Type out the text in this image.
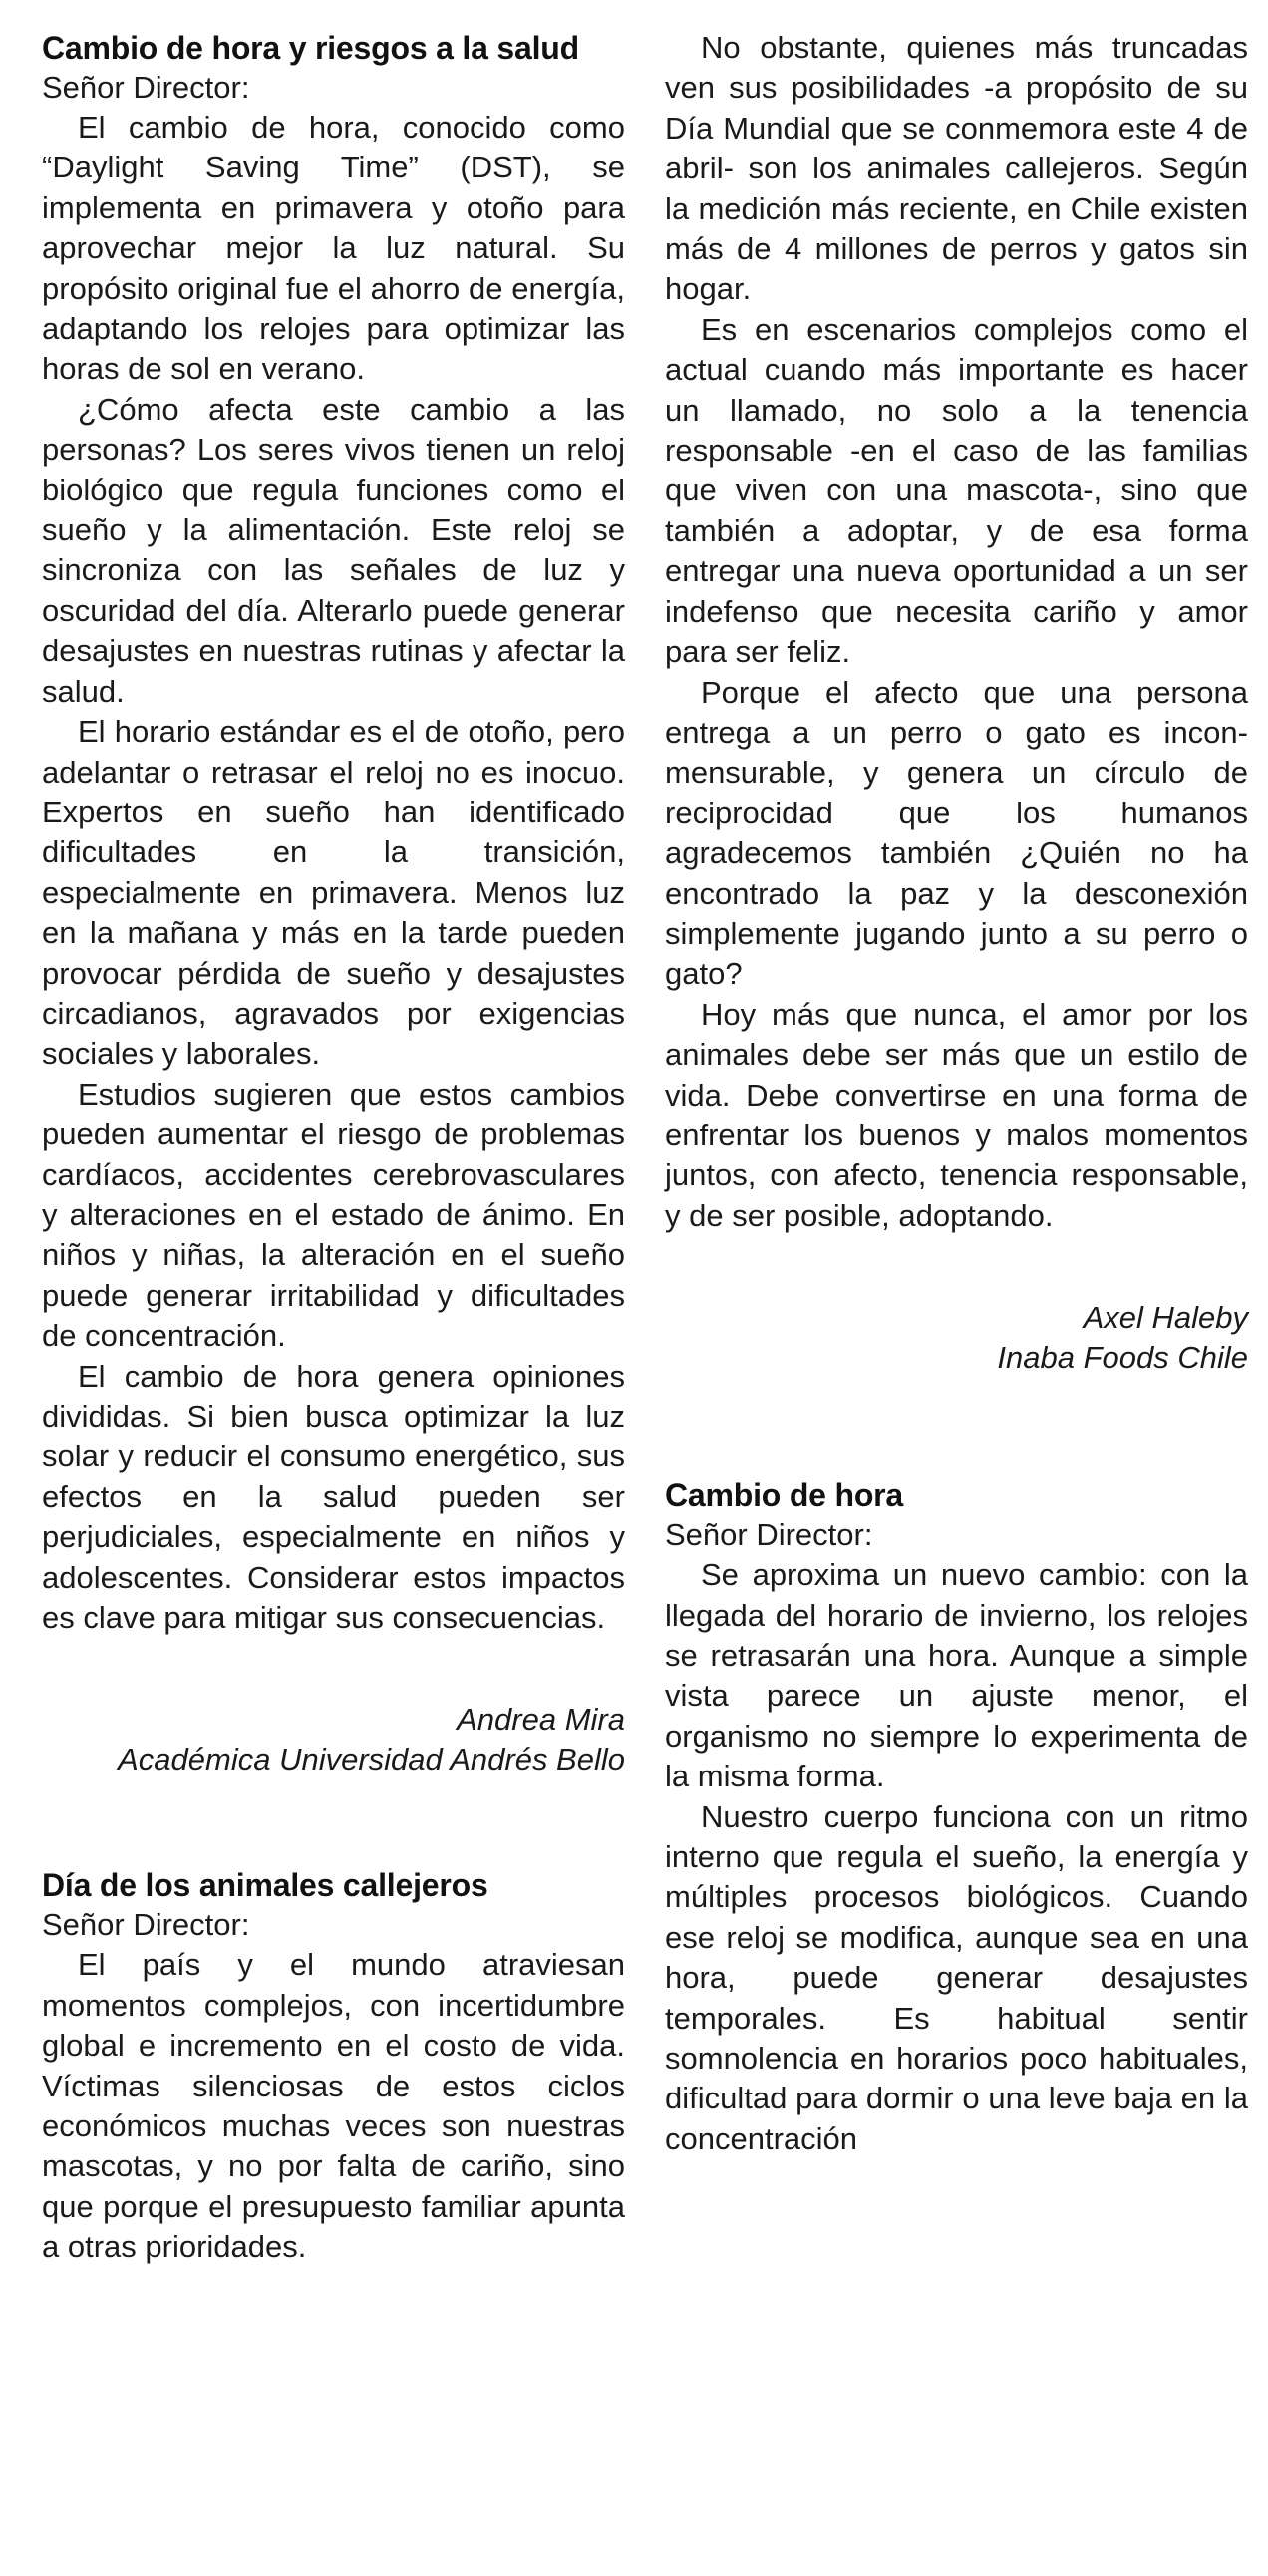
Cambio de hora y riesgos a la salud

Señor Director:

El cambio de hora, conocido como “Daylight Saving Time” (DST), se implementa en primavera y otoño para aprovechar mejor la luz natural. Su propósito original fue el ahorro de energía, adaptando los relojes para optimizar las horas de sol en verano.

¿Cómo afecta este cambio a las personas? Los seres vivos tienen un reloj biológico que regula funciones como el sueño y la alimentación. Este reloj se sincroniza con las señales de luz y oscuridad del día. Alterarlo puede generar desajustes en nuestras rutinas y afectar la salud.

El horario estándar es el de otoño, pero adelantar o retrasar el reloj no es inocuo. Expertos en sueño han identificado dificultades en la transición, especialmente en primavera. Menos luz en la mañana y más en la tarde pueden provocar pérdida de sueño y desajustes circadianos, agravados por exigencias sociales y laborales.

Estudios sugieren que estos cambios pueden aumentar el riesgo de problemas cardíacos, accidentes cerebrovasculares y alteraciones en el estado de ánimo. En niños y niñas, la alteración en el sueño puede generar irritabilidad y dificultades de concentración.

El cambio de hora genera opiniones divididas. Si bien busca optimizar la luz solar y reducir el consumo energético, sus efectos en la salud pueden ser perjudiciales, especialmente en niños y adolescentes. Considerar estos impactos es clave para mitigar sus consecuencias.

Andrea Mira

Académica Universidad Andrés Bello

Día de los animales callejeros

Señor Director:

El país y el mundo atraviesan momentos complejos, con incertidumbre global e incremento en el costo de vida. Víctimas silenciosas de estos ciclos económicos muchas veces son nuestras mascotas, y no por falta de cariño, sino que porque el presupuesto familiar apunta a otras prioridades.

No obstante, quienes más truncadas ven sus posibilidades -a propósito de su Día Mundial que se conmemora este 4 de abril- son los animales callejeros. Según la medición más reciente, en Chile existen más de 4 millones de perros y gatos sin hogar.

Es en escenarios complejos como el actual cuando más importante es hacer un llamado, no solo a la tenencia responsable -en el caso de las familias que viven con una mascota-, sino que también a adoptar, y de esa forma entregar una nueva oportunidad a un ser indefenso que necesita cariño y amor para ser feliz.

Porque el afecto que una persona entrega a un perro o gato es inconmensurable, y genera un círculo de reciprocidad que los humanos agradecemos también ¿Quién no ha encontrado la paz y la desconexión simplemente jugando junto a su perro o gato?

Hoy más que nunca, el amor por los animales debe ser más que un estilo de vida. Debe convertirse en una forma de enfrentar los buenos y malos momentos juntos, con afecto, tenencia responsable, y de ser posible, adoptando.

Axel Haleby

Inaba Foods Chile

Cambio de hora

Señor Director:

Se aproxima un nuevo cambio: con la llegada del horario de invierno, los relojes se retrasarán una hora. Aunque a simple vista parece un ajuste menor, el organismo no siempre lo experimenta de la misma forma.

Nuestro cuerpo funciona con un ritmo interno que regula el sueño, la energía y múltiples procesos biológicos. Cuando ese reloj se modifica, aunque sea en una hora, puede generar desajustes temporales. Es habitual sentir somnolencia en horarios poco habituales, dificultad para dormir o una leve baja en la concentración
